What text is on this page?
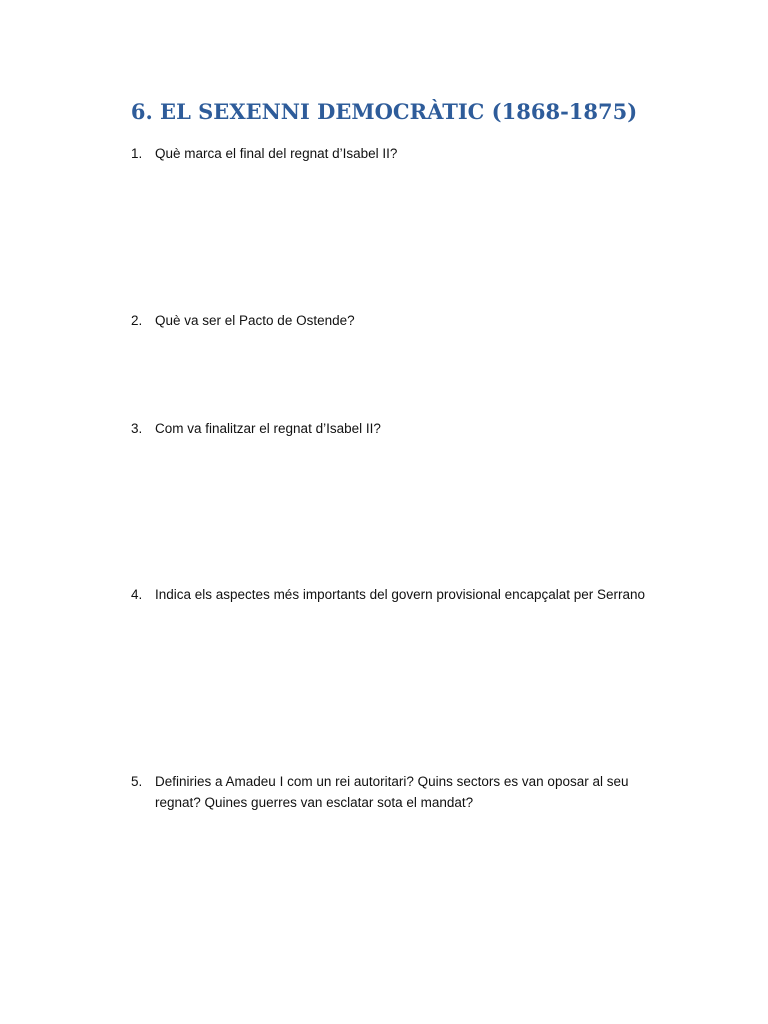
6. EL SEXENNI DEMOCRÀTIC (1868-1875)
1. Què marca el final del regnat d’Isabel II?
2. Què va ser el Pacto de Ostende?
3. Com va finalitzar el regnat d’Isabel II?
4. Indica els aspectes més importants del govern provisional encapçalat per Serrano
5. Definiries a Amadeu I com un rei autoritari? Quins sectors es van oposar al seu regnat? Quines guerres van esclatar sota el mandat?
